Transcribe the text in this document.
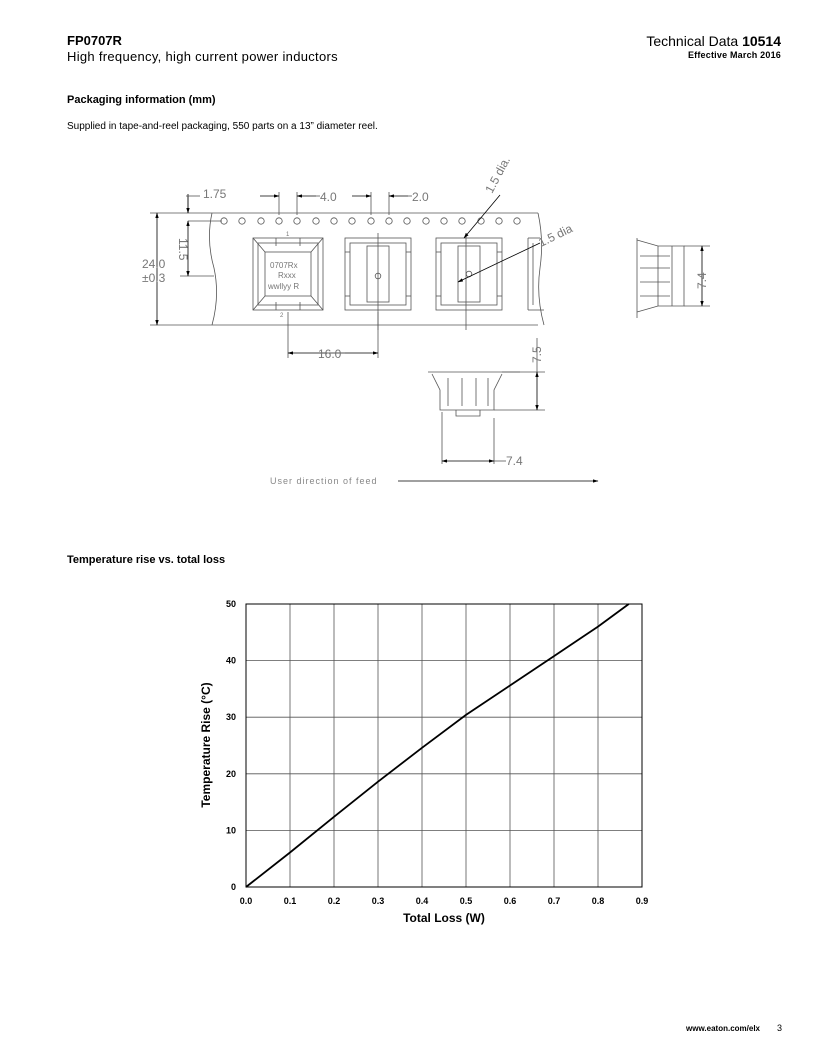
FP0707R
High frequency, high current power inductors
Technical Data 10514
Effective March 2016
Packaging information (mm)
Supplied in tape-and-reel packaging, 550 parts on a 13” diameter reel.
1.75	4.0	2.0
24.0
±0.3
16.0
7.4
11.5
1.5 dia.
1.5 dia
7.4
7.5
0707Rx
Rxxx
wwllyy R
1
2
User direction of feed
Temperature rise vs. total loss
0.0	0.1	0.2	0.3	0.4	0.5	0.6	0.7	0.8	0.9
0
10
20
30
40
50
Total Loss (W)
Temperature Rise (°C)
www.eaton.com/elx 3
